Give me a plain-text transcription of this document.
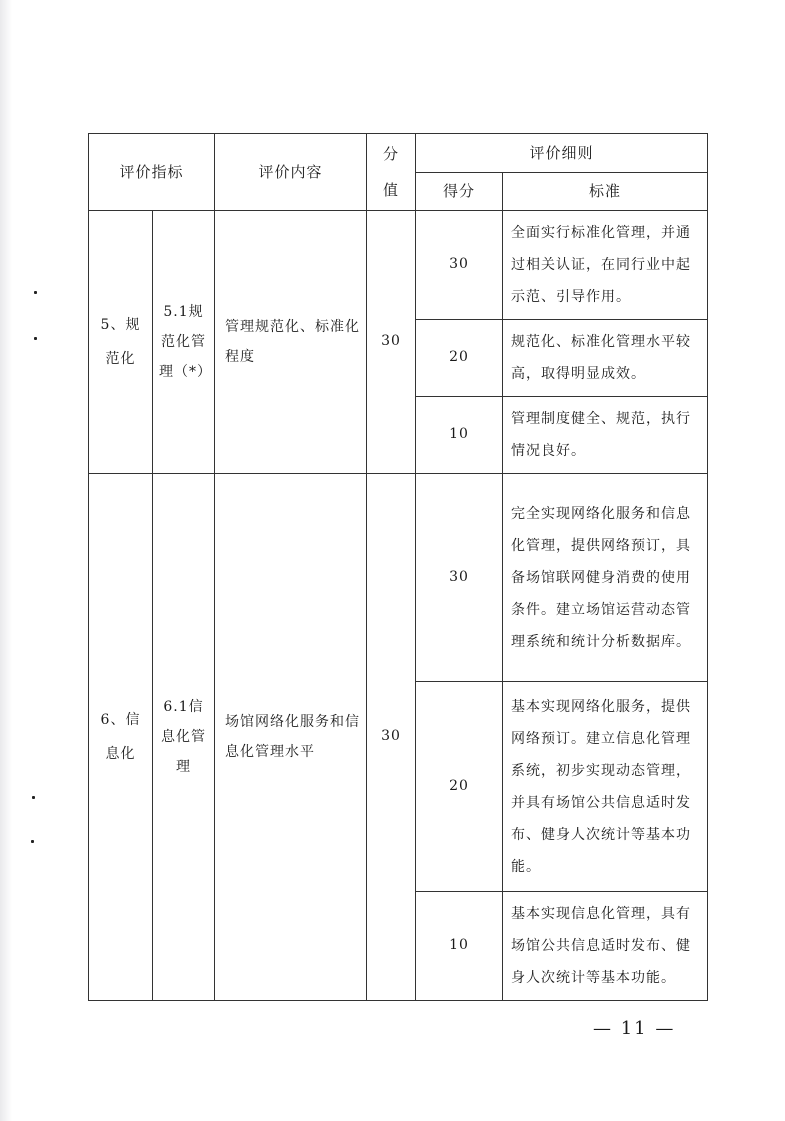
评价指标		评价内容	分值	评价细则	
				得分	标准
5、规范化	5.1规范化管理（*）	管理规范化、标准化程度	30	30	全面实行标准化管理，并通过相关认证，在同行业中起示范、引导作用。
				20	规范化、标准化管理水平较高，取得明显成效。
				10	管理制度健全、规范，执行情况良好。
6、信息化	6.1信息化管理	场馆网络化服务和信息化管理水平	30	30	完全实现网络化服务和信息化管理，提供网络预订，具备场馆联网健身消费的使用条件。建立场馆运营动态管理系统和统计分析数据库。
				20	基本实现网络化服务，提供网络预订。建立信息化管理系统，初步实现动态管理，并具有场馆公共信息适时发布、健身人次统计等基本功能。
				10	基本实现信息化管理，具有场馆公共信息适时发布、健身人次统计等基本功能。
— 11 —
